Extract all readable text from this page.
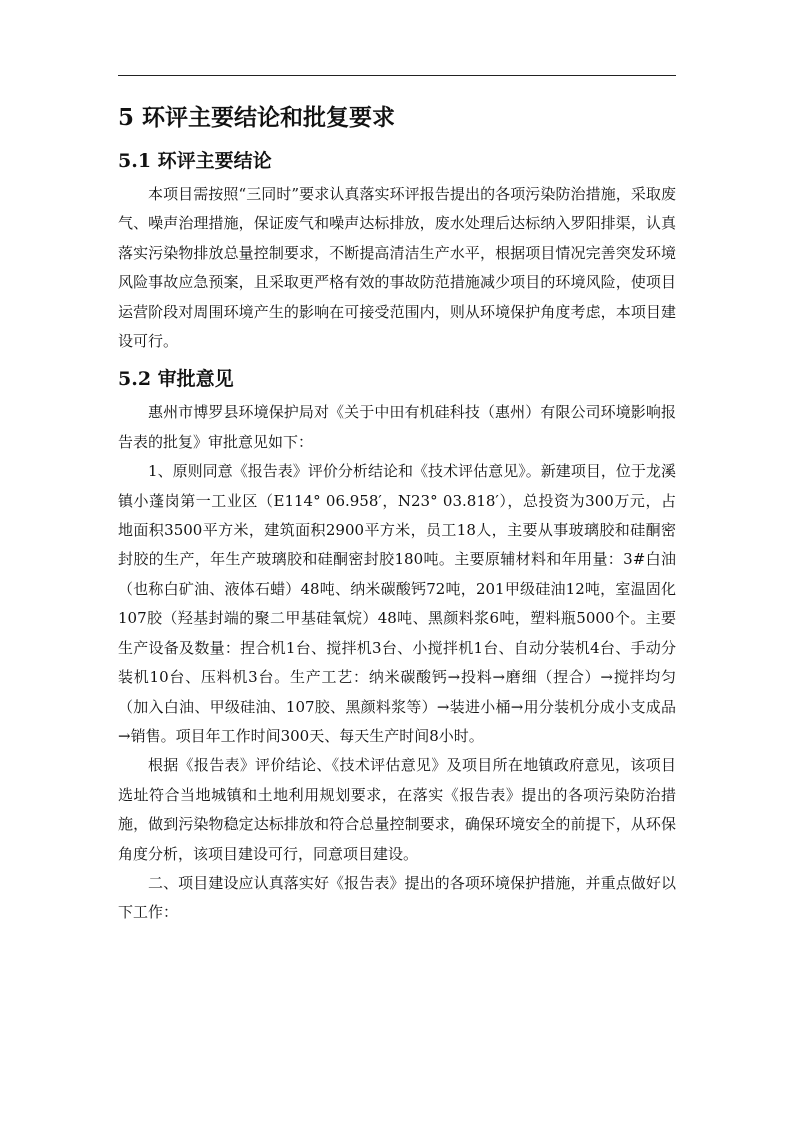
5 环评主要结论和批复要求
5.1 环评主要结论

本项目需按照“三同时”要求认真落实环评报告提出的各项污染防治措施，采取废气、噪声治理措施，保证废气和噪声达标排放，废水处理后达标纳入罗阳排渠，认真落实污染物排放总量控制要求，不断提高清洁生产水平，根据项目情况完善突发环境风险事故应急预案，且采取更严格有效的事故防范措施减少项目的环境风险，使项目运营阶段对周围环境产生的影响在可接受范围内，则从环境保护角度考虑，本项目建设可行。

5.2 审批意见

惠州市博罗县环境保护局对《关于中田有机硅科技（惠州）有限公司环境影响报告表的批复》审批意见如下：

1、原则同意《报告表》评价分析结论和《技术评估意见》。新建项目，位于龙溪镇小蓬岗第一工业区（E114° 06.958′，N23° 03.818′），总投资为300万元，占地面积3500平方米，建筑面积2900平方米，员工18人，主要从事玻璃胶和硅酮密封胶的生产，年生产玻璃胶和硅酮密封胶180吨。主要原辅材料和年用量：3#白油（也称白矿油、液体石蜡）48吨、纳米碳酸钙72吨，201甲级硅油12吨，室温固化107胶（羟基封端的聚二甲基硅氧烷）48吨、黑颜料浆6吨，塑料瓶5000个。主要生产设备及数量：捏合机1台、搅拌机3台、小搅拌机1台、自动分装机4台、手动分装机10台、压料机3台。生产工艺：纳米碳酸钙→投料→磨细（捏合）→搅拌均匀（加入白油、甲级硅油、107胶、黑颜料浆等）→装进小桶→用分装机分成小支成品→销售。项目年工作时间300天、每天生产时间8小时。

根据《报告表》评价结论、《技术评估意见》及项目所在地镇政府意见，该项目选址符合当地城镇和土地利用规划要求，在落实《报告表》提出的各项污染防治措施，做到污染物稳定达标排放和符合总量控制要求，确保环境安全的前提下，从环保角度分析，该项目建设可行，同意项目建设。

二、项目建设应认真落实好《报告表》提出的各项环境保护措施，并重点做好以下工作：
